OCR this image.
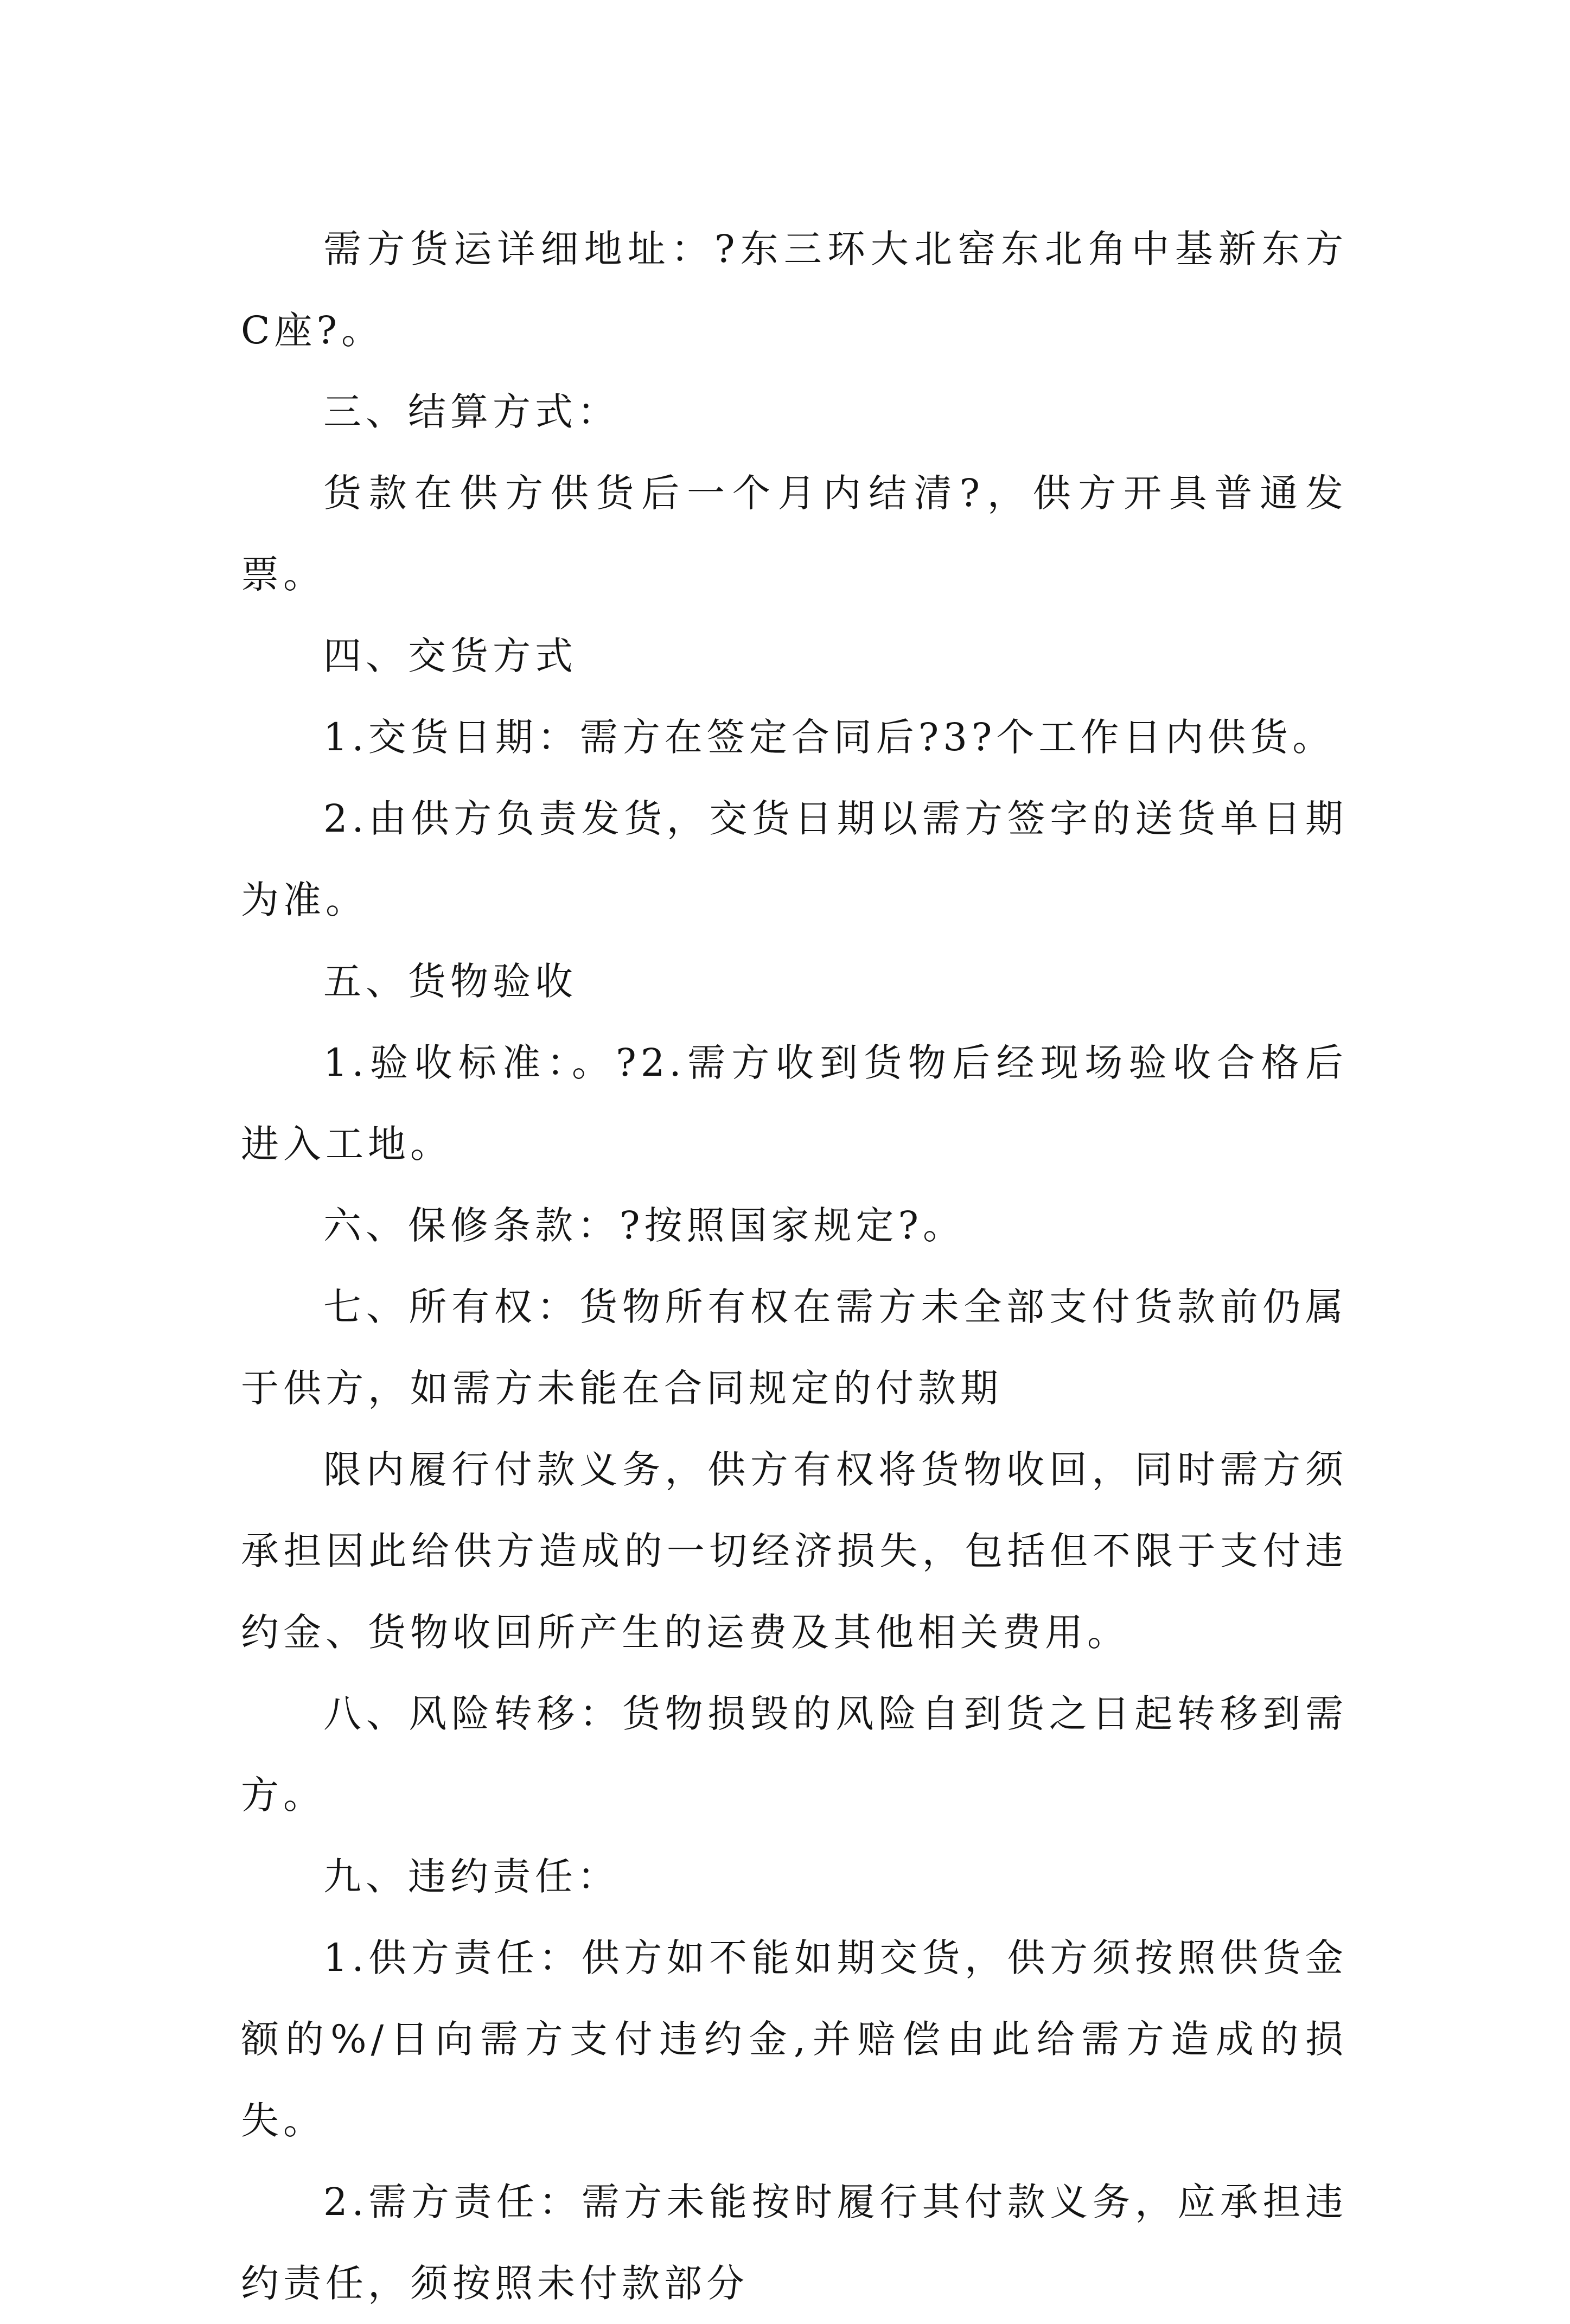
需方货运详细地址：?东三环大北窑东北角中基新东方C座?。

三、结算方式：

货款在供方供货后一个月内结清?，供方开具普通发票。

四、交货方式

1.交货日期：需方在签定合同后?3?个工作日内供货。

2.由供方负责发货，交货日期以需方签字的送货单日期为准。

五、货物验收

1.验收标准：。?2.需方收到货物后经现场验收合格后进入工地。

六、保修条款：?按照国家规定?。

七、所有权：货物所有权在需方未全部支付货款前仍属于供方，如需方未能在合同规定的付款期

限内履行付款义务，供方有权将货物收回，同时需方须承担因此给供方造成的一切经济损失，包括但不限于支付违约金、货物收回所产生的运费及其他相关费用。

八、风险转移：货物损毁的风险自到货之日起转移到需方。

九、违约责任：

1.供方责任：供方如不能如期交货，供方须按照供货金额的%/日向需方支付违约金,并赔偿由此给需方造成的损失。

2.需方责任：需方未能按时履行其付款义务，应承担违约责任，须按照未付款部分
